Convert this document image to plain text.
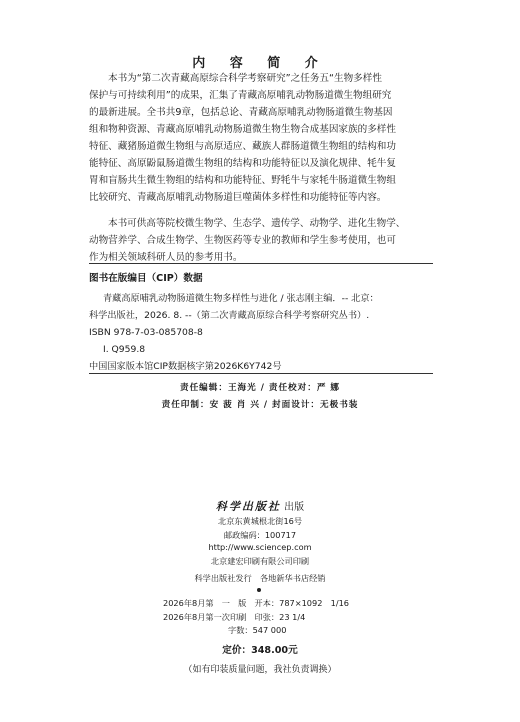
内 容 简 介
本书为“第二次青藏高原综合科学考察研究”之任务五“生物多样性
保护与可持续利用”的成果，汇集了青藏高原哺乳动物肠道微生物组研究
的最新进展。全书共9章，包括总论、青藏高原哺乳动物肠道微生物基因
组和物种资源、青藏高原哺乳动物肠道微生物生物合成基因家族的多样性
特征、藏猪肠道微生物组与高原适应、藏族人群肠道微生物组的结构和功
能特征、高原鼢鼠肠道微生物组的结构和功能特征以及演化规律、牦牛复
胃和盲肠共生微生物组的结构和功能特征、野牦牛与家牦牛肠道微生物组
比较研究、青藏高原哺乳动物肠道巨噬菌体多样性和功能特征等内容。
本书可供高等院校微生物学、生态学、遗传学、动物学、进化生物学、
动物营养学、合成生物学、生物医药等专业的教师和学生参考使用，也可
作为相关领域科研人员的参考用书。
图书在版编目（CIP）数据
青藏高原哺乳动物肠道微生物多样性与进化 / 张志刚主编．-- 北京：
科学出版社，2026. 8. --（第二次青藏高原综合科学考察研究丛书）.
ISBN 978-7-03-085708-8
Ⅰ. Q959.8
中国国家版本馆CIP数据核字第2026K6Y742号
责任编辑：王海光 / 责任校对：严 娜
责任印制：安 菠 肖 兴 / 封面设计：无极书装
科学出版社 出版
北京东黄城根北街16号
邮政编码：100717
http://www.sciencep.com
北京建宏印刷有限公司印刷
科学出版社发行　各地新华书店经销
2026年8月第　一　版　开本：787×1092　1/16
2026年8月第一次印刷　印张：23 1/4
字数：547 000
定价：348.00元
（如有印装质量问题，我社负责调换）
